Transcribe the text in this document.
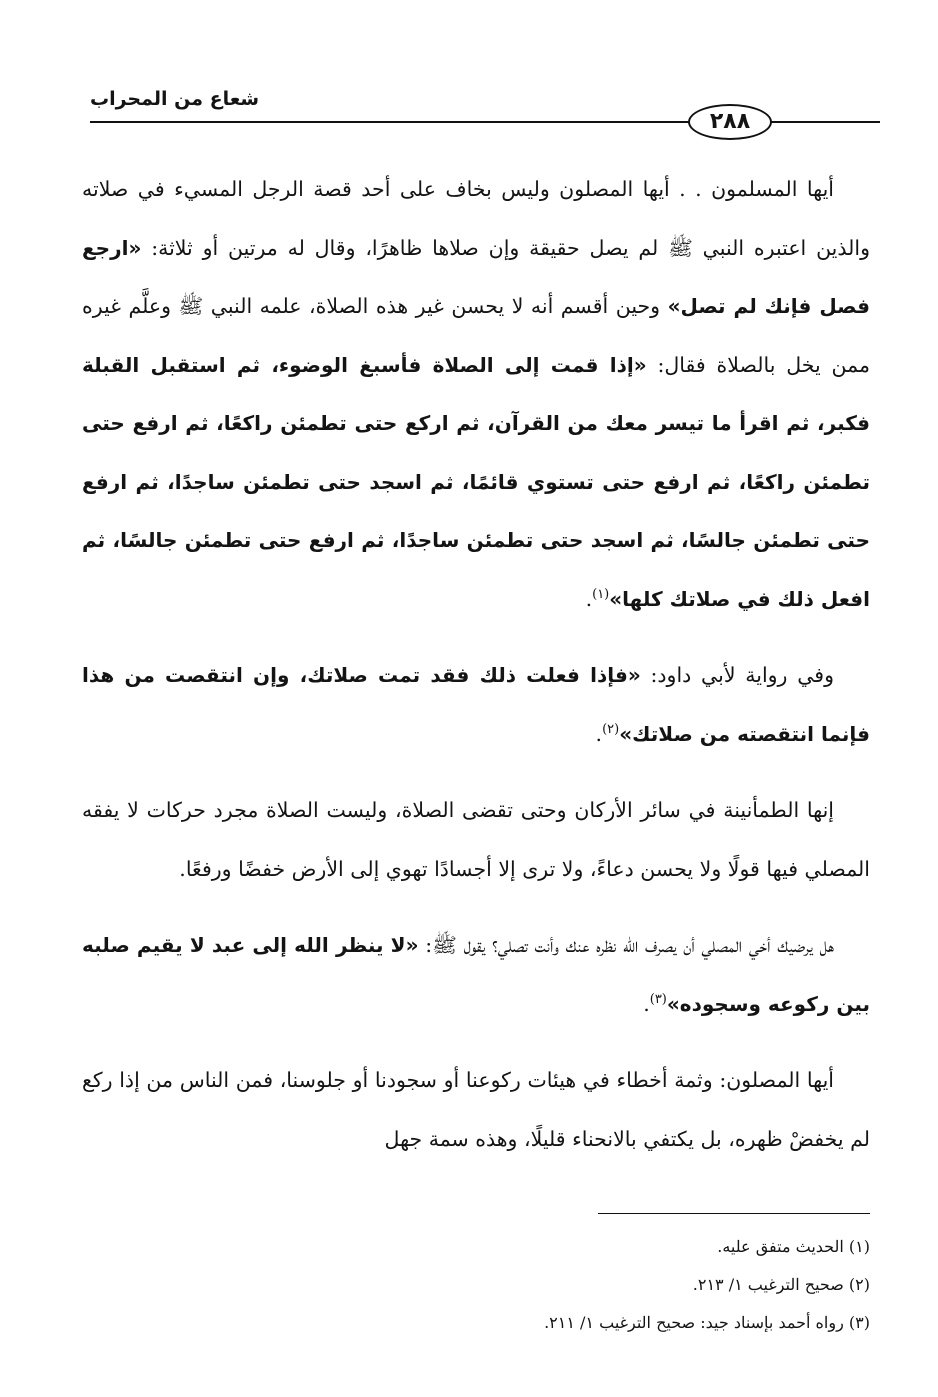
شعاع من المحراب
٢٨٨

أيها المسلمون . . أيها المصلون وليس بخاف على أحد قصة الرجل المسيء في صلاته والذين اعتبره النبي ﷺ لم يصل حقيقة وإن صلاها ظاهرًا، وقال له مرتين أو ثلاثة: «ارجع فصل فإنك لم تصل» وحين أقسم أنه لا يحسن غير هذه الصلاة، علمه النبي ﷺ وعلَّم غيره ممن يخل بالصلاة فقال: «إذا قمت إلى الصلاة فأسبغ الوضوء، ثم استقبل القبلة فكبر، ثم اقرأ ما تيسر معك من القرآن، ثم اركع حتى تطمئن راكعًا، ثم ارفع حتى تطمئن راكعًا، ثم ارفع حتى تستوي قائمًا، ثم اسجد حتى تطمئن ساجدًا، ثم ارفع حتى تطمئن جالسًا، ثم اسجد حتى تطمئن ساجدًا، ثم ارفع حتى تطمئن جالسًا، ثم افعل ذلك في صلاتك كلها»$^{(١)}$.

وفي رواية لأبي داود: «فإذا فعلت ذلك فقد تمت صلاتك، وإن انتقصت من هذا فإنما انتقصته من صلاتك»$^{(٢)}$.

إنها الطمأنينة في سائر الأركان وحتى تقضى الصلاة، وليست الصلاة مجرد حركات لا يفقه المصلي فيها قولًا ولا يحسن دعاءً، ولا ترى إلا أجسادًا تهوي إلى الأرض خفضًا ورفعًا.

هل يرضيك أخي المصلي أن يصرف الله نظره عنك وأنت تصلي؟ يقول ﷺ: «لا ينظر الله إلى عبد لا يقيم صلبه بين ركوعه وسجوده»$^{(٣)}$.

أيها المصلون: وثمة أخطاء في هيئات ركوعنا أو سجودنا أو جلوسنا، فمن الناس من إذا ركع لم يخفضْ ظهره، بل يكتفي بالانحناء قليلًا، وهذه سمة جهل

(١) الحديث متفق عليه.
(٢) صحيح الترغيب ١/ ٢١٣.
(٣) رواه أحمد بإسناد جيد: صحيح الترغيب ١/ ٢١١.
